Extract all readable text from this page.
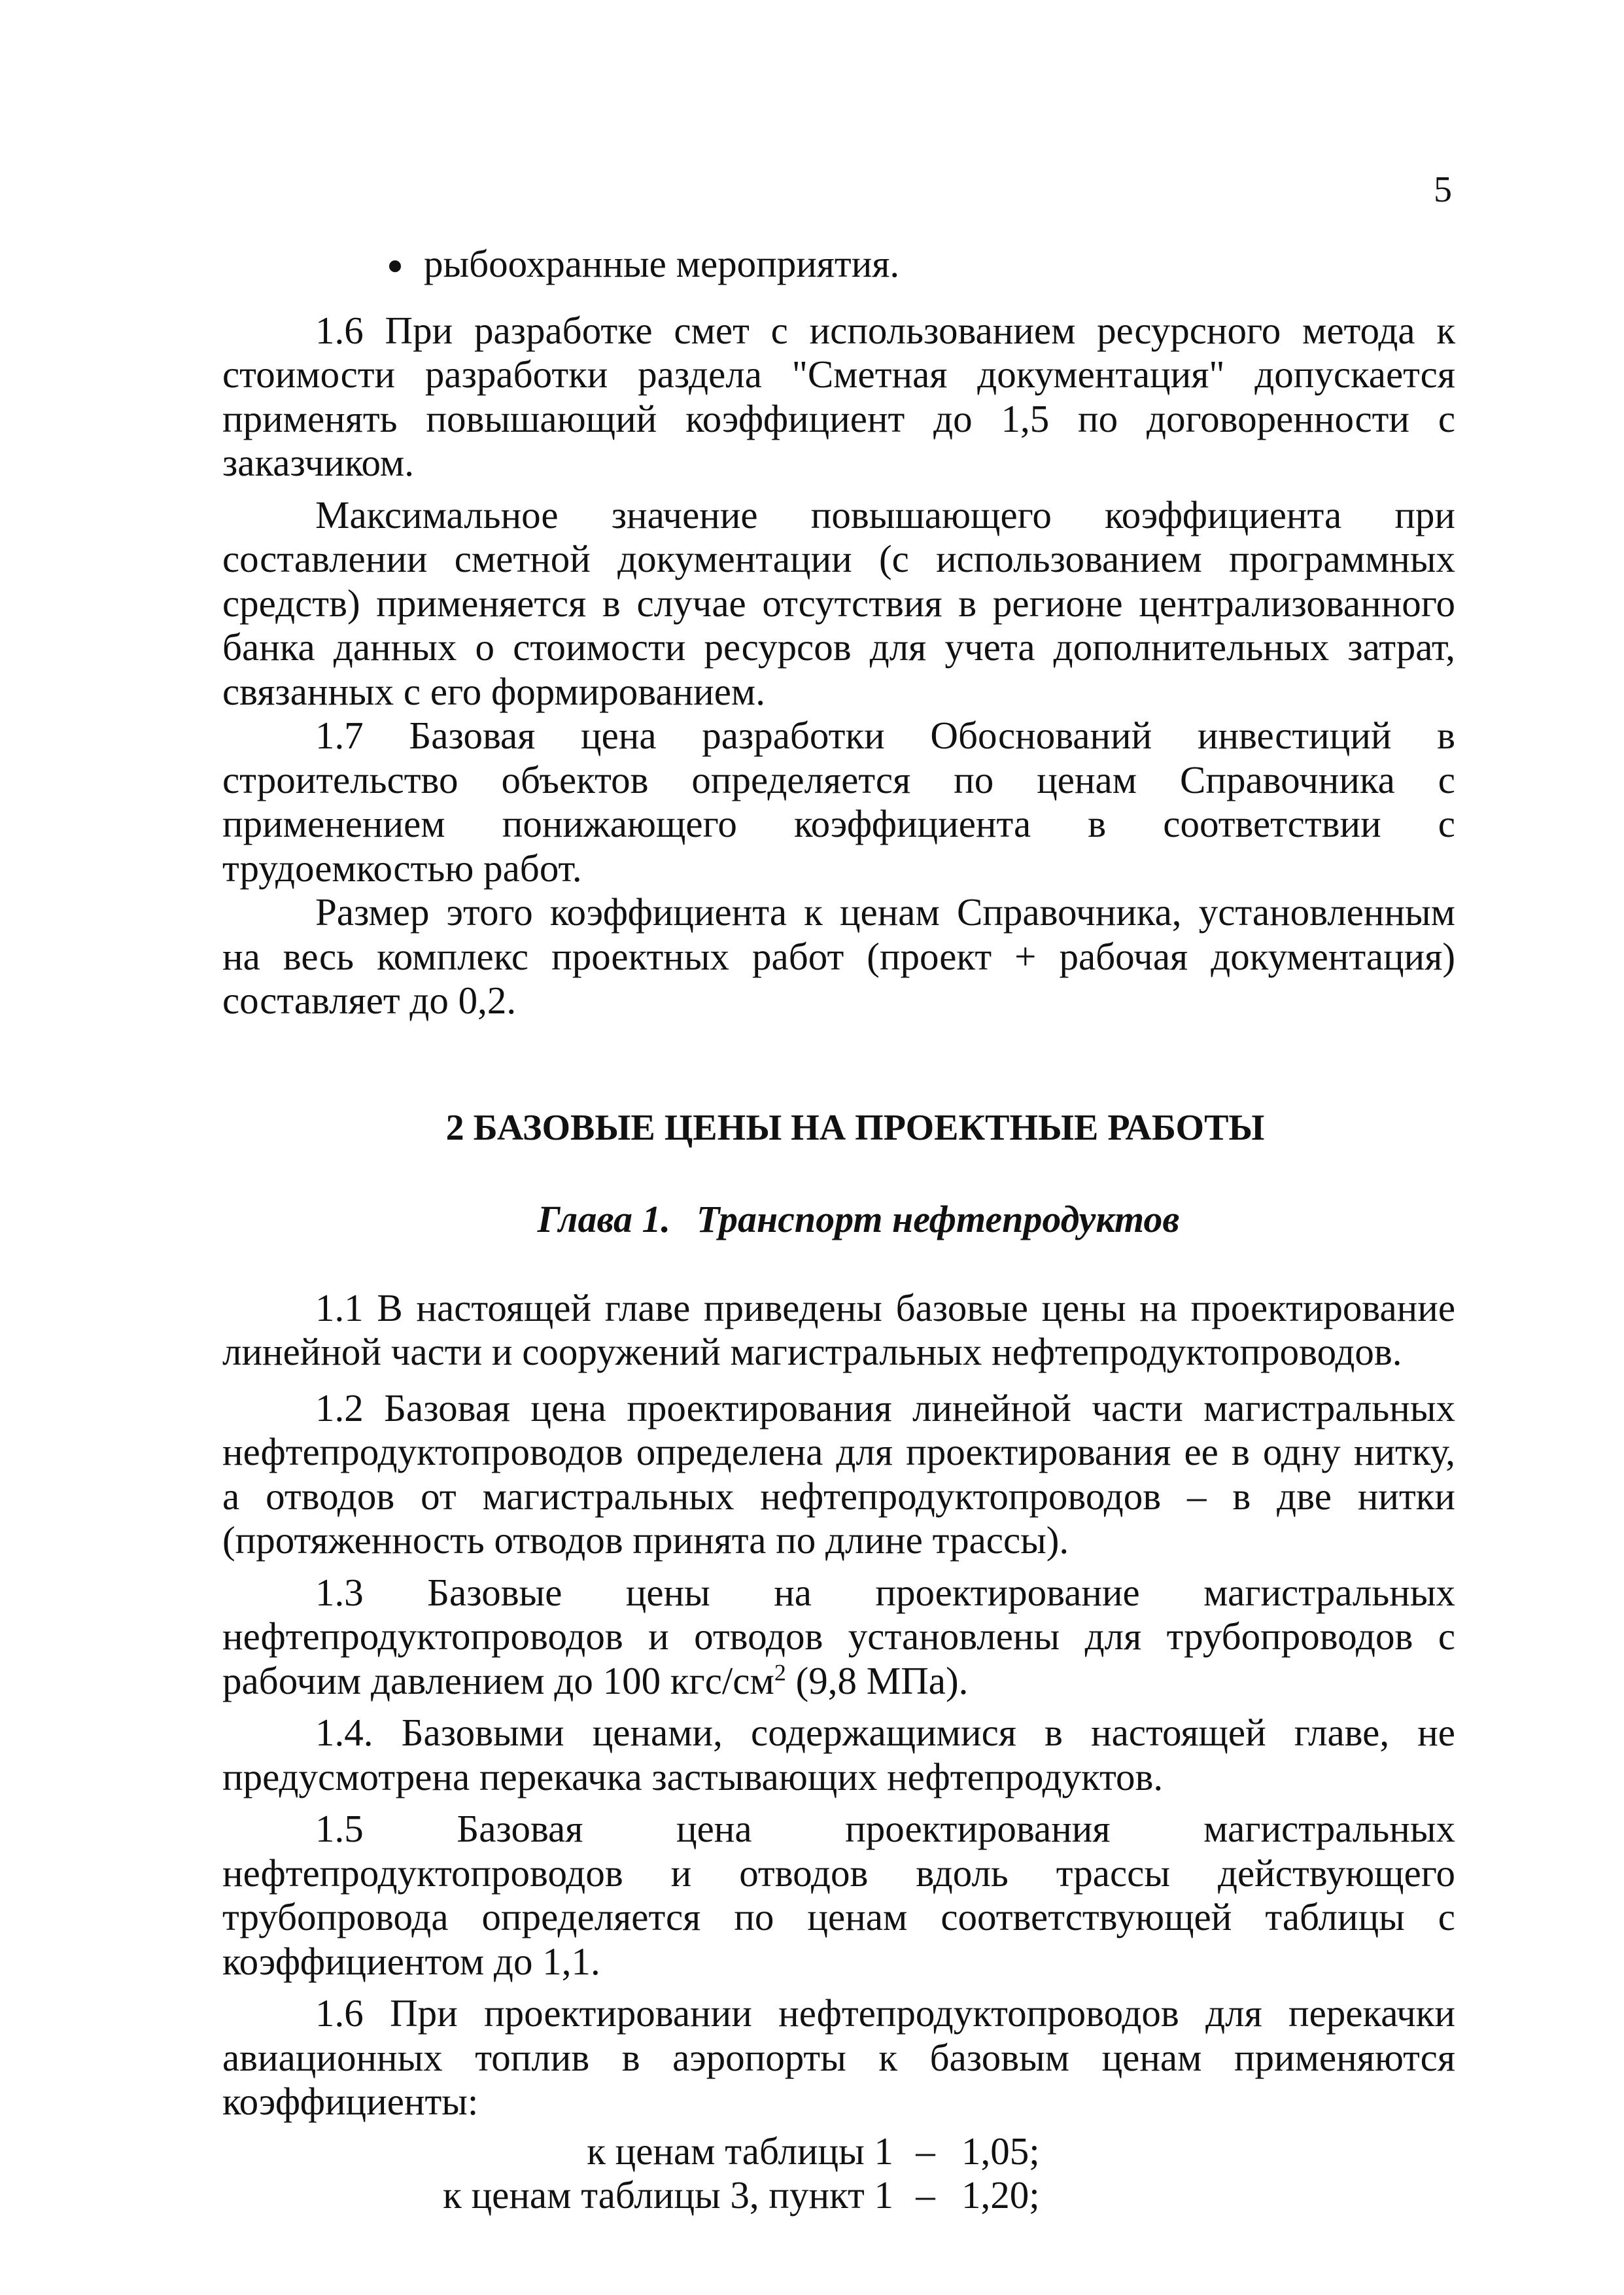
5
рыбоохранные мероприятия.

1.6 При разработке смет с использованием ресурсного метода к стоимости разработки раздела "Сметная документация" допускается применять повышающий коэффициент до 1,5 по договоренности с заказчиком.

Максимальное значение повышающего коэффициента при составлении сметной документации (с использованием программных средств) применяется в случае отсутствия в регионе централизованного банка данных о стоимости ресурсов для учета дополнительных затрат, связанных с его формированием.

1.7 Базовая цена разработки Обоснований инвестиций в строительство объектов определяется по ценам Справочника с применением понижающего коэффициента в соответствии с трудоемкостью работ.

Размер этого коэффициента к ценам Справочника, установленным на весь комплекс проектных работ (проект + рабочая документация) составляет до 0,2.

2 БАЗОВЫЕ ЦЕНЫ НА ПРОЕКТНЫЕ РАБОТЫ
Глава 1. Транспорт нефтепродуктов

1.1 В настоящей главе приведены базовые цены на проектирование линейной части и сооружений магистральных нефтепродуктопроводов.

1.2 Базовая цена проектирования линейной части магистральных нефтепродуктопроводов определена для проектирования ее в одну нитку, а отводов от магистральных нефтепродуктопроводов – в две нитки (протяженность отводов принята по длине трассы).

1.3 Базовые цены на проектирование магистральных нефтепродуктопроводов и отводов установлены для трубопроводов с рабочим давлением до 100 кгс/$см^2$ (9,8 МПа).

1.4. Базовыми ценами, содержащимися в настоящей главе, не предусмотрена перекачка застывающих нефтепродуктов.

1.5 Базовая цена проектирования магистральных нефтепродуктопроводов и отводов вдоль трассы действующего трубопровода определяется по ценам соответствующей таблицы с коэффициентом до 1,1.

1.6 При проектировании нефтепродуктопроводов для перекачки авиационных топлив в аэропорты к базовым ценам применяются коэффициенты:

к ценам таблицы 1 – 1,05;
к ценам таблицы 3, пункт 1 – 1,20;
